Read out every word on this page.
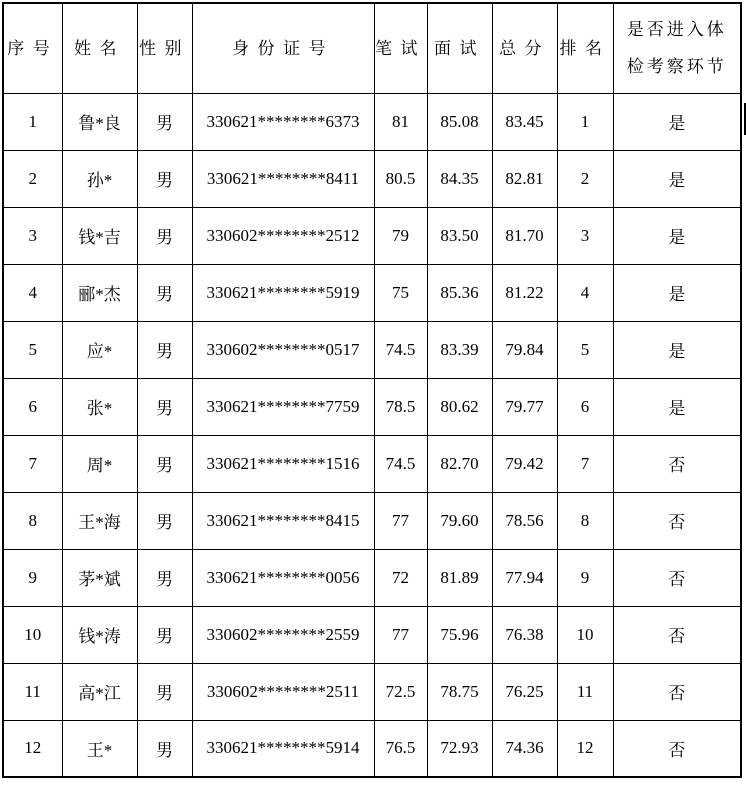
序号	姓名	性别	身份证号	笔试	面试	总分	排名	是否进入体检考察环节
1	鲁*良	男	330621********6373	81	85.08	83.45	1	是
2	孙*	男	330621********8411	80.5	84.35	82.81	2	是
3	钱*吉	男	330602********2512	79	83.50	81.70	3	是
4	郦*杰	男	330621********5919	75	85.36	81.22	4	是
5	应*	男	330602********0517	74.5	83.39	79.84	5	是
6	张*	男	330621********7759	78.5	80.62	79.77	6	是
7	周*	男	330621********1516	74.5	82.70	79.42	7	否
8	王*海	男	330621********8415	77	79.60	78.56	8	否
9	茅*斌	男	330621********0056	72	81.89	77.94	9	否
10	钱*涛	男	330602********2559	77	75.96	76.38	10	否
11	高*江	男	330602********2511	72.5	78.75	76.25	11	否
12	王*	男	330621********5914	76.5	72.93	74.36	12	否
